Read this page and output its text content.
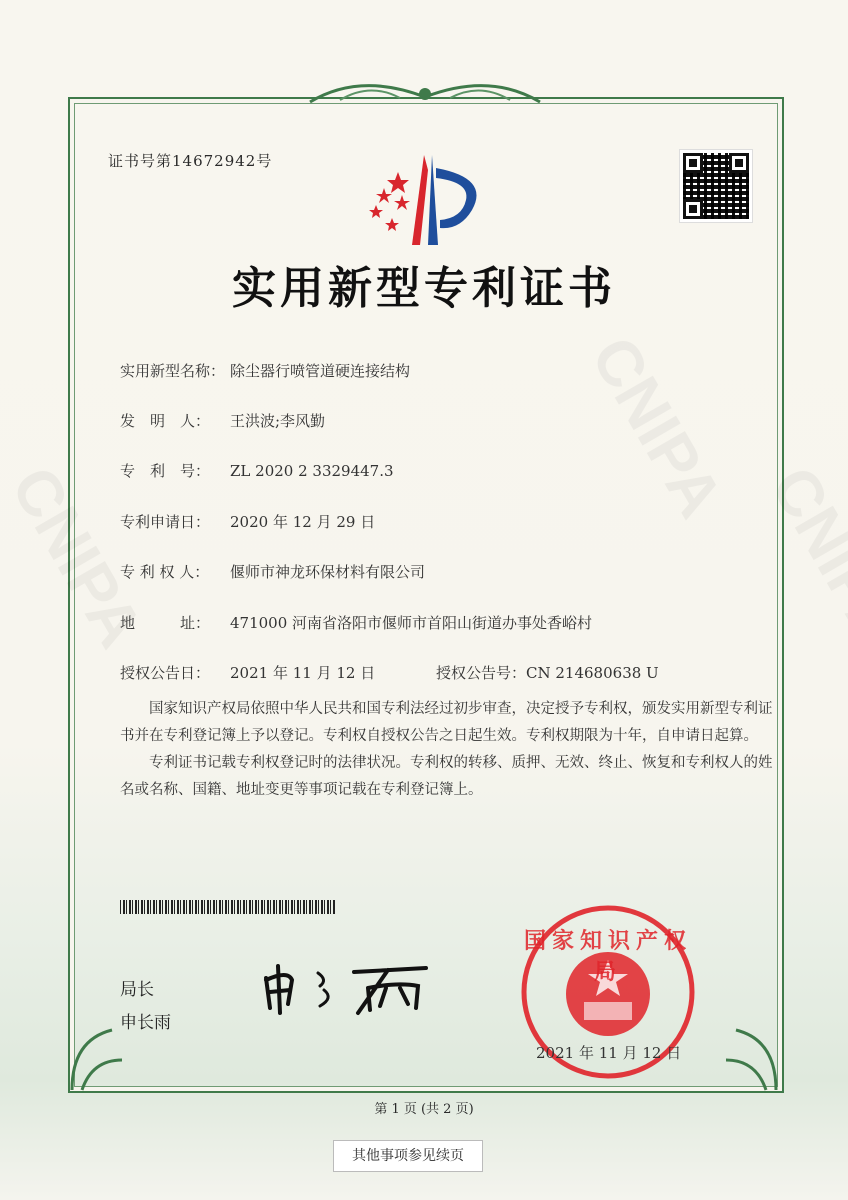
证书号第14672942号
实用新型专利证书
实用新型名称： 除尘器行喷管道硬连接结构
发　明　人： 王洪波;李风勤
专　利　号： ZL 2020 2 3329447.3
专利申请日： 2020 年 12 月 29 日
专 利 权 人： 偃师市神龙环保材料有限公司
地　　　址： 471000 河南省洛阳市偃师市首阳山街道办事处香峪村
授权公告日： 2021 年 11 月 12 日	授权公告号：CN 214680638 U

国家知识产权局依照中华人民共和国专利法经过初步审查，决定授予专利权，颁发实用新型专利证书并在专利登记簿上予以登记。专利权自授权公告之日起生效。专利权期限为十年，自申请日起算。

专利证书记载专利权登记时的法律状况。专利权的转移、质押、无效、终止、恢复和专利权人的姓名或名称、国籍、地址变更等事项记载在专利登记簿上。

局长
申长雨
国家知识产权局
2021 年 11 月 12 日
第 1 页 (共 2 页)
其他事项参见续页
